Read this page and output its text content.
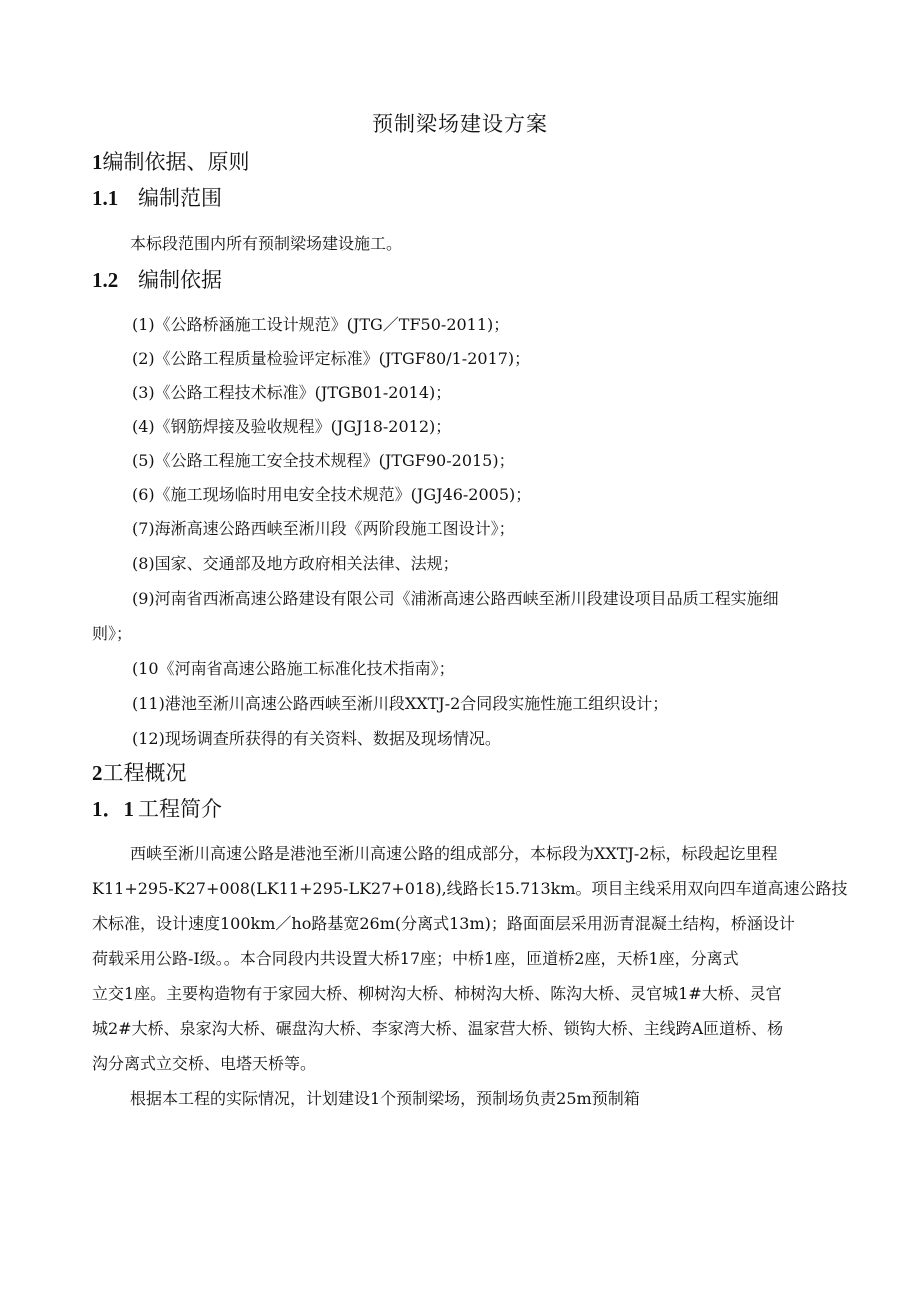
预制梁场建设方案
1编制依据、原则
1.1 编制范围
本标段范围内所有预制梁场建设施工。
1.2 编制依据
(1)《公路桥涵施工设计规范》(JTG／TF50-2011)；
(2)《公路工程质量检验评定标准》(JTGF80/1-2017)；
(3)《公路工程技术标准》(JTGB01-2014)；
(4)《钢筋焊接及验收规程》(JGJ18-2012)；
(5)《公路工程施工安全技术规程》(JTGF90-2015)；
(6)《施工现场临时用电安全技术规范》(JGJ46-2005)；
(7)海淅高速公路西峡至淅川段《两阶段施工图设计》；
(8)国家、交通部及地方政府相关法律、法规；
(9)河南省西淅高速公路建设有限公司《浦淅高速公路西峡至淅川段建设项目品质工程实施细
则》；
(10《河南省高速公路施工标准化技术指南》；
(11)港池至淅川高速公路西峡至淅川段XXTJ-2合同段实施性施工组织设计；
(12)现场调查所获得的有关资料、数据及现场情况。
2工程概况
1．1 工程简介
西峡至淅川高速公路是港池至淅川高速公路的组成部分，本标段为XXTJ-2标，标段起讫里程
K11+295-K27+008(LK11+295-LK27+018),线路长15.713km。项目主线采用双向四车道高速公路技
术标准，设计速度100km／ho路基宽26m(分离式13m)；路面面层采用沥青混凝土结构，桥涵设计
荷载采用公路-I级。。本合同段内共设置大桥17座；中桥1座，匝道桥2座，天桥1座，分离式
立交1座。主要构造物有于家园大桥、柳树沟大桥、柿树沟大桥、陈沟大桥、灵官城1#大桥、灵官
城2#大桥、泉家沟大桥、碾盘沟大桥、李家湾大桥、温家营大桥、锁钩大桥、主线跨A匝道桥、杨
沟分离式立交桥、电塔天桥等。
根据本工程的实际情况，计划建设1个预制梁场，预制场负责25m预制箱
